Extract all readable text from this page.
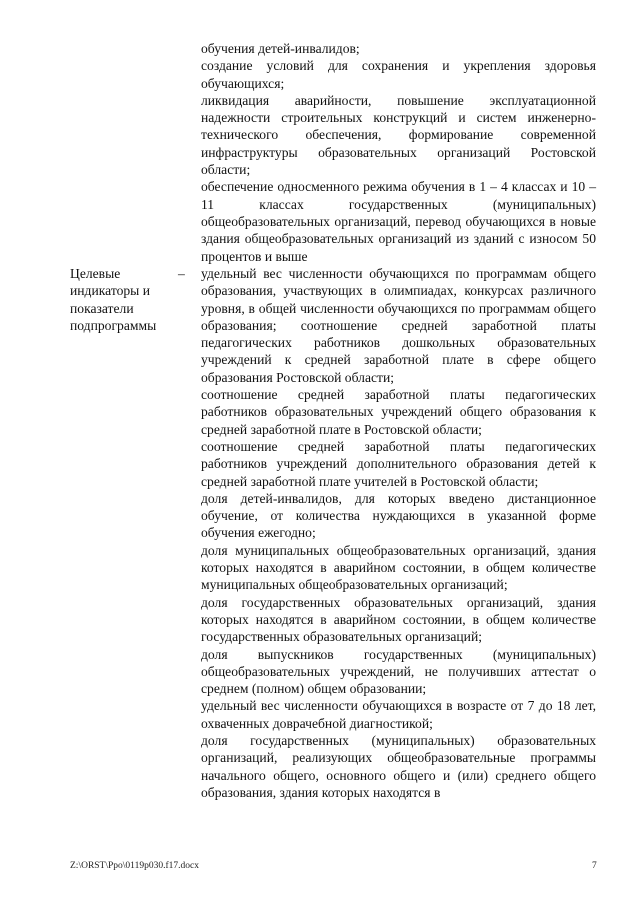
обучения детей-инвалидов;

создание условий для сохранения и укрепления здоровья обучающихся;

ликвидация аварийности, повышение эксплуатационной надежности строительных конструкций и систем инженерно-технического обеспечения, формирование современной инфраструктуры образовательных организаций Ростовской области;

обеспечение односменного режима обучения в 1 – 4 классах и 10 – 11 классах государственных (муниципальных) общеобразовательных организаций, перевод обучающихся в новые здания общеобразовательных организаций из зданий с износом 50 процентов и выше

Целевые индикаторы и показатели подпрограммы
– удельный вес численности обучающихся по программам общего образования, участвующих в олимпиадах, конкурсах различного уровня, в общей численности обучающихся по программам общего образования; соотношение средней заработной платы педагогических работников дошкольных образовательных учреждений к средней заработной плате в сфере общего образования Ростовской области;

соотношение средней заработной платы педагогических работников образовательных учреждений общего образования к средней заработной плате в Ростовской области;

соотношение средней заработной платы педагогических работников учреждений дополнительного образования детей к средней заработной плате учителей в Ростовской области;

доля детей-инвалидов, для которых введено дистанционное обучение, от количества нуждающихся в указанной форме обучения ежегодно;

доля муниципальных общеобразовательных организаций, здания которых находятся в аварийном состоянии, в общем количестве муниципальных общеобразовательных организаций;

доля государственных образовательных организаций, здания которых находятся в аварийном состоянии, в общем количестве государственных образовательных организаций;

доля выпускников государственных (муниципальных) общеобразовательных учреждений, не получивших аттестат о среднем (полном) общем образовании;

удельный вес численности обучающихся в возрасте от 7 до 18 лет, охваченных доврачебной диагностикой;

доля государственных (муниципальных) образовательных организаций, реализующих общеобразовательные программы начального общего, основного общего и (или) среднего общего образования, здания которых находятся в

Z:\ORST\Ppo\0119p030.f17.docx	7
